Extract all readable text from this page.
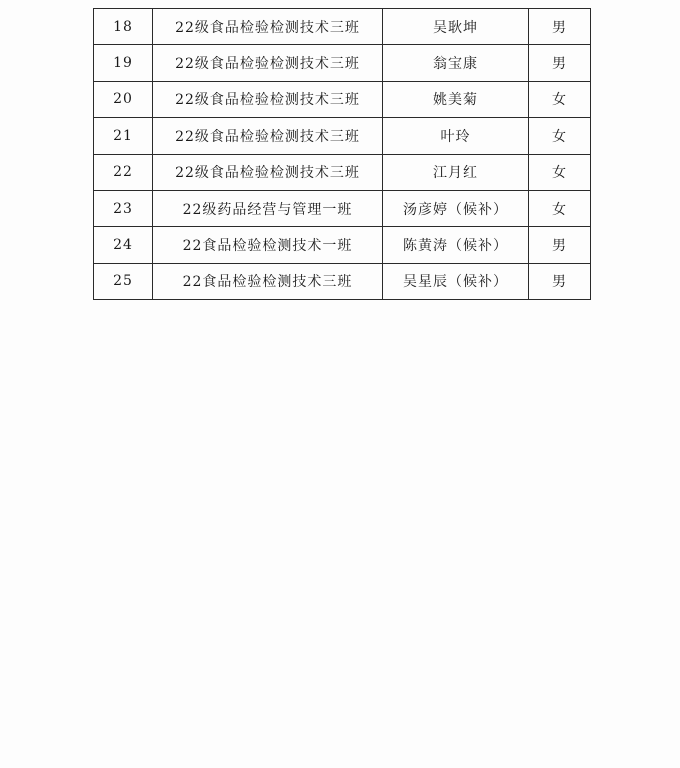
18	22级食品检验检测技术三班	吴耿坤	男
19	22级食品检验检测技术三班	翁宝康	男
20	22级食品检验检测技术三班	姚美菊	女
21	22级食品检验检测技术三班	叶玲	女
22	22级食品检验检测技术三班	江月红	女
23	22级药品经营与管理一班	汤彦婷（候补）	女
24	22食品检验检测技术一班	陈黄涛（候补）	男
25	22食品检验检测技术三班	吴星辰（候补）	男
